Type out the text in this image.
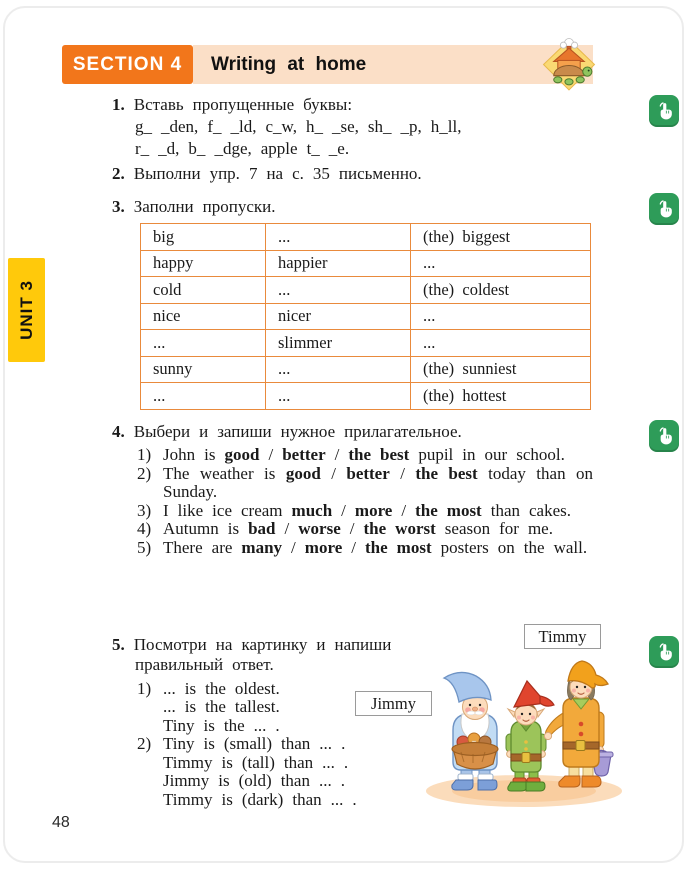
SECTION 4 Writing at home
UNIT 3
1. Вставь пропущенные буквы:
g_ _den, f_ _ld, c_w, h_ _se, sh_ _p, h_ll,
r_ _d, b_ _dge, apple t_ _e.
2. Выполни упр. 7 на с. 35 письменно.
3. Заполни пропуски.
big	...	(the) biggest
happy	happier	...
cold	...	(the) coldest
nice	nicer	...
...	slimmer	...
sunny	...	(the) sunniest
...	...	(the) hottest
4. Выбери и запиши нужное прилагательное.
1) John is good / better / the best pupil in our school.
2) The weather is good / better / the best today than on Sunday.
3) I like ice cream much / more / the most than cakes.
4) Autumn is bad / worse / the worst season for me.
5) There are many / more / the most posters on the wall.
5. Посмотри на картинку и напиши
правильный ответ.
1) ... is the oldest.
... is the tallest.
Tiny is the ... .
2) Tiny is (small) than ... .
Timmy is (tall) than ... .
Jimmy is (old) than ... .
Timmy is (dark) than ... .
Timmy
Jimmy
48
